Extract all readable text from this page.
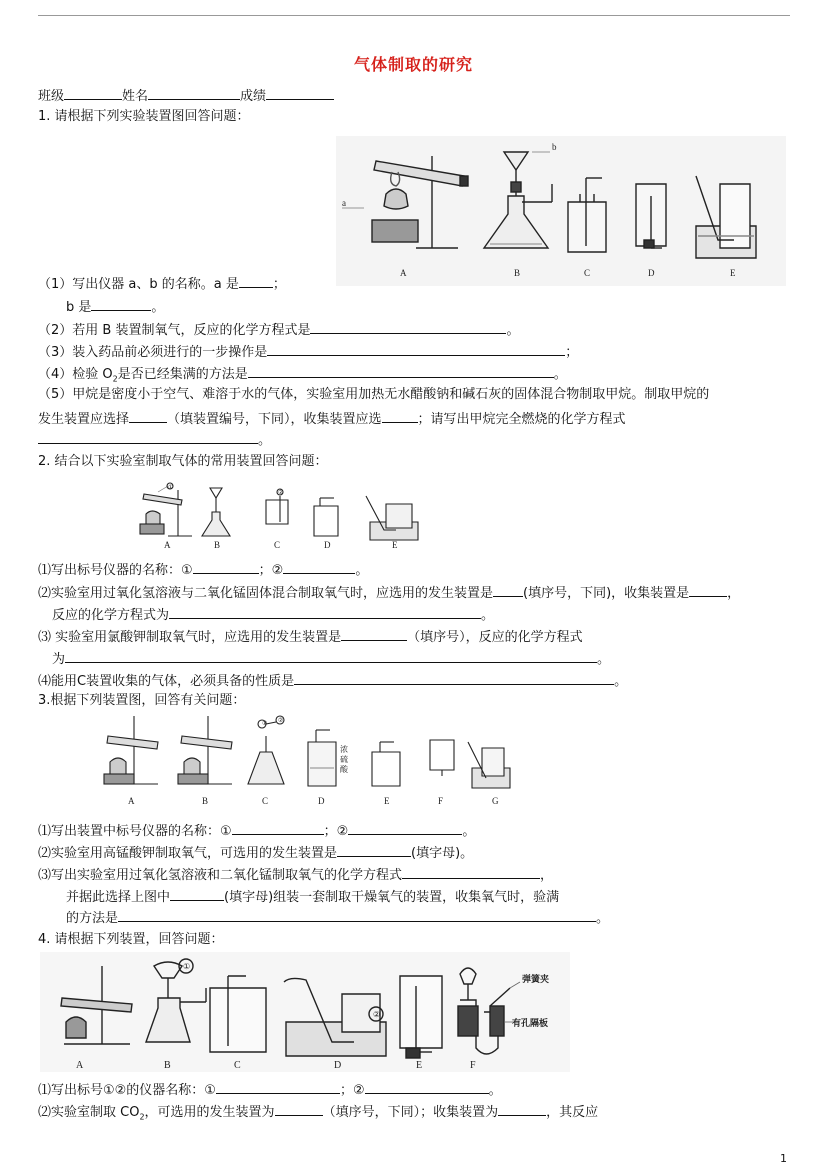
气体制取的研究
班级	姓名	成绩
1. 请根据下列实验装置图回答问题：
a
b
A	B	C	D	E
（1）写出仪器 a、b 的名称。a 是	；
b 是	。
（2）若用 B 装置制氧气，反应的化学方程式是	。
（3）装入药品前必须进行的一步操作是	；
（4）检验 $O_2$是否已经集满的方法是	。
（5）甲烷是密度小于空气、难溶于水的气体，实验室用加热无水醋酸钠和碱石灰的固体混合物制取甲烷。制取甲烷的
发生装置应选择	（填装置编号，下同），收集装置应选	；请写出甲烷完全燃烧的化学方程式
。
2. 结合以下实验室制取气体的常用装置回答问题：
A	B	C	D	E
①
②
⑴写出标号仪器的名称：①	；②	。
⑵实验室用过氧化氢溶液与二氧化锰固体混合制取氧气时，应选用的发生装置是 (填序号，下同)，收集装置是	，
反应的化学方程式为	。
⑶ 实验室用氯酸钾制取氧气时，应选用的发生装置是	（填序号），反应的化学方程式
为	。
⑷能用C装置收集的气体，必须具备的性质是	。
3.根据下列装置图，回答有关问题：
① ②
浓
硫
酸
A	B	C	D	E	F	G
⑴写出装置中标号仪器的名称：①	；②	。
⑵实验室用高锰酸钾制取氧气，可选用的发生装置是	(填字母)。
⑶写出实验室用过氧化氢溶液和二氧化锰制取氧气的化学方程式	，
并据此选择上图中	(填字母)组装一套制取干燥氧气的装置，收集氧气时，验满
的方法是	。
4. 请根据下列装置，回答问题：
①
②
弹簧夹
有孔隔板
A	B	C	D	E	F
⑴写出标号①②的仪器名称：①	；②	。
⑵实验室制取 $CO_2$，可选用的发生装置为	（填序号，下同）；收集装置为	，其反应
1
